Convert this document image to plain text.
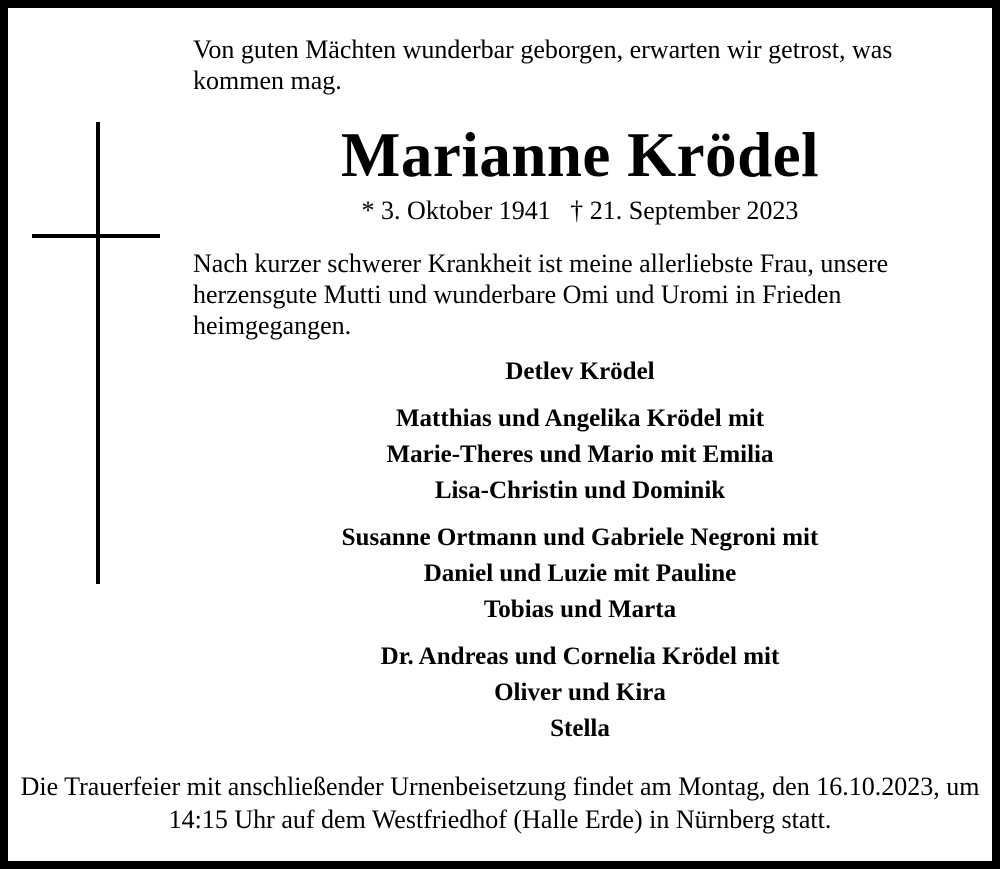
Von guten Mächten wunderbar geborgen, erwarten wir getrost, was kommen mag.

Marianne Krödel
* 3. Oktober 1941 † 21. September 2023

Nach kurzer schwerer Krankheit ist meine allerliebste Frau, unsere herzensgute Mutti und wunderbare Omi und Uromi in Frieden heimgegangen.

Detlev Krödel
Matthias und Angelika Krödel mit
Marie-Theres und Mario mit Emilia
Lisa-Christin und Dominik
Susanne Ortmann und Gabriele Negroni mit
Daniel und Luzie mit Pauline
Tobias und Marta
Dr. Andreas und Cornelia Krödel mit
Oliver und Kira
Stella

Die Trauerfeier mit anschließender Urnenbeisetzung findet am Montag, den 16.10.2023, um 14:15 Uhr auf dem Westfriedhof (Halle Erde) in Nürnberg statt.
